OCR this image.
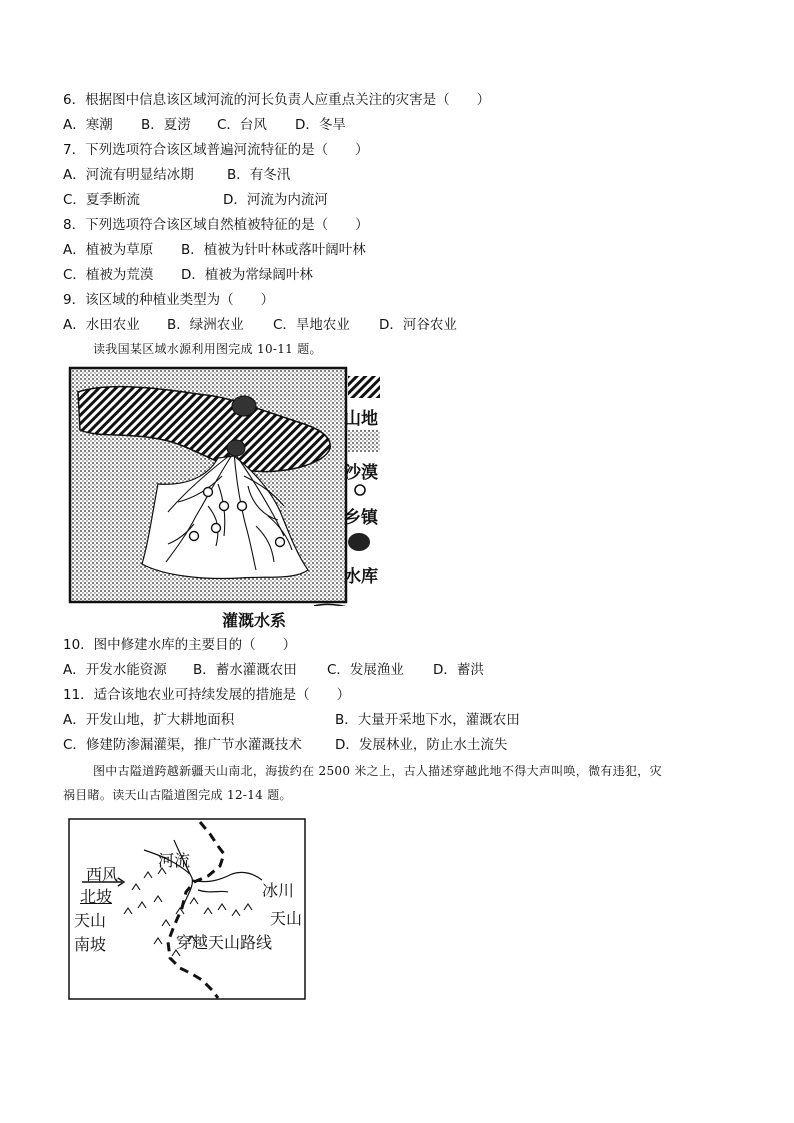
6．根据图中信息该区域河流的河长负责人应重点关注的灾害是（　　）
A．寒潮 B．夏涝 C．台风 D．冬旱
7．下列选项符合该区域普遍河流特征的是（　　）
A．河流有明显结冰期 B．有冬汛
C．夏季断流	D．河流为内流河
8．下列选项符合该区域自然植被特征的是（　　）
A．植被为草原 B．植被为针叶林或落叶阔叶林
C．植被为荒漠 D．植被为常绿阔叶林
9．该区域的种植业类型为（　　）
A．水田农业 B．绿洲农业 C．旱地农业 D．河谷农业
读我国某区域水源利用图完成 10-11 题。
山地
沙漠
乡镇
水库
灌溉水系
10．图中修建水库的主要目的（　　）
A．开发水能资源 B．蓄水灌溉农田 C．发展渔业 D．蓄洪
11．适合该地农业可持续发展的措施是（　　）
A．开发山地，扩大耕地面积	B．大量开采地下水，灌溉农田
C．修建防渗漏灌渠，推广节水灌溉技术 D．发展林业，防止水土流失
图中古隘道跨越新疆天山南北，海拔约在 2500 米之上，古人描述穿越此地不得大声叫唤，微有违犯，灾
祸目睹。读天山古隘道图完成 12-14 题。
西风
北坡
河流
冰川
天山
南坡
天山
穿越天山路线
